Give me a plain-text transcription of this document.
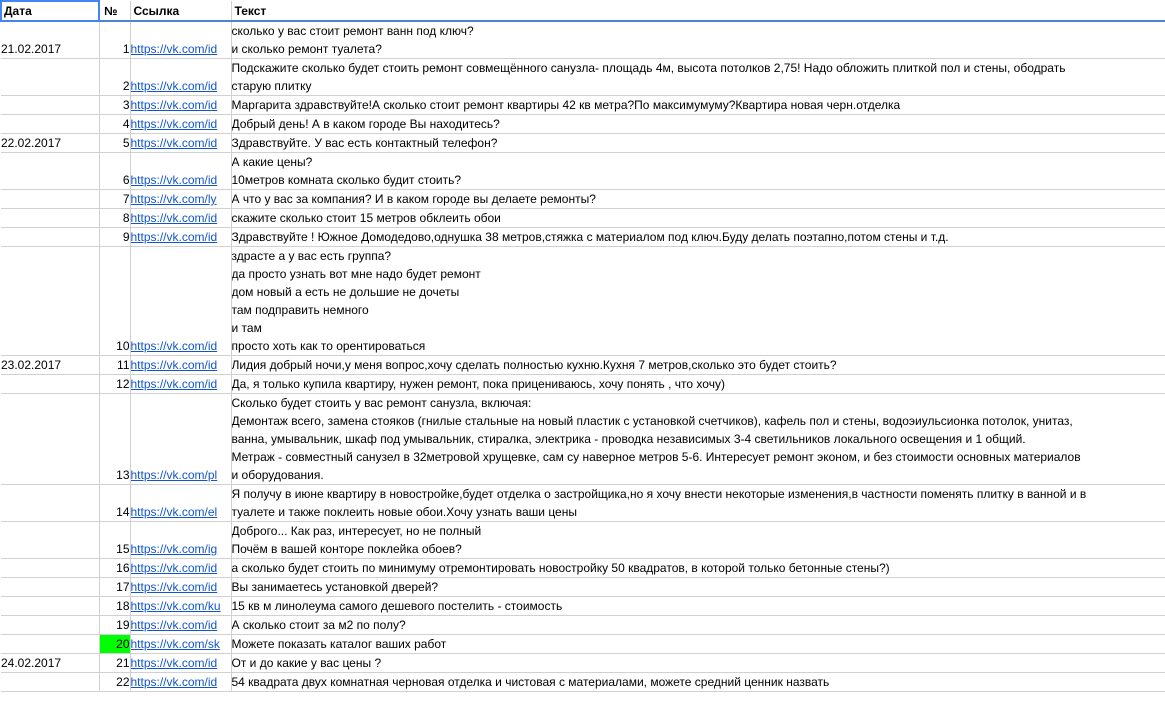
Дата	№	Ссылка	Текст
21.02.2017	1	https://vk.com/id	сколько у вас стоит ремонт ванн под ключ?
и сколько ремонт туалета?

	2	https://vk.com/id	Подскажите сколько будет стоить ремонт совмещённого санузла- площадь 4м, высота потолков 2,75! Надо обложить плиткой пол и стены, ободрать
старую плитку

	3	https://vk.com/id	Маргарита здравствуйте!А сколько стоит ремонт квартиры 42 кв метра?По максимумуму?Квартира новая черн.отделка

	4	https://vk.com/id	Добрый день! А в каком городе Вы находитесь?

22.02.2017	5	https://vk.com/id	Здравствуйте. У вас есть контактный телефон?

	6	https://vk.com/id	А какие цены?
10метров комната сколько будит стоить?

	7	https://vk.com/ly	А что у вас за компания? И в каком городе вы делаете ремонты?

	8	https://vk.com/id	скажите сколько стоит 15 метров обклеить обои

	9	https://vk.com/id	Здравствуйте ! Южное Домодедово,однушка 38 метров,стяжка с материалом под ключ.Буду делать поэтапно,потом стены и т.д.

	10	https://vk.com/id	
здрасте а у вас есть группа?
да просто узнать вот мне надо будет ремонт
дом новый а есть не дольшие не дочеты
там подправить немного
и там
просто хоть как то орентироваться

23.02.2017	11	https://vk.com/id	Лидия добрый ночи,у меня вопрос,хочу сделать полностью кухню.Кухня 7 метров,сколько это будет стоить?

	12	https://vk.com/id	Да, я только купила квартиру, нужен ремонт, пока прицениваюсь, хочу понять , что хочу)

	13	https://vk.com/pl	Сколько будет стоить у вас ремонт санузла, включая:
Демонтаж всего, замена стояков (гнилые стальные на новый пластик с установкой счетчиков), кафель пол и стены, водоэиульсионка потолок, унитаз,
ванна, умывальник, шкаф под умывальник, стиралка, электрика - проводка независимых 3-4 светильников локального освещения и 1 общий.
Метраж - совместный санузел в 32метровой хрущевке, сам су наверное метров 5-6. Интересует ремонт эконом, и без стоимости основных материалов
и оборудования.

	14	https://vk.com/el	Я получу в июне квартиру в новостройке,будет отделка о застройщика,но я хочу внести некоторые изменения,в частности поменять плитку в ванной и в
туалете и также поклеить новые обои.Хочу узнать ваши цены

	15	https://vk.com/ig	Доброго... Как раз, интересует, но не полный
Почём в вашей конторе поклейка обоев?

	16	https://vk.com/id	а сколько будет стоить по минимуму отремонтировать новостройку 50 квадратов, в которой только бетонные стены?)

	17	https://vk.com/id	Вы занимаетесь установкой дверей?

	18	https://vk.com/ku	15 кв м линолеума самого дешевого постелить - стоимость

	19	https://vk.com/id	А сколько стоит за м2 по полу?

	20	https://vk.com/sk	Можете показать каталог ваших работ

24.02.2017	21	https://vk.com/id	От и до какие у вас цены ?

	22	https://vk.com/id	54 квадрата двух комнатная черновая отделка и чистовая с материалами, можете средний ценник назвать
